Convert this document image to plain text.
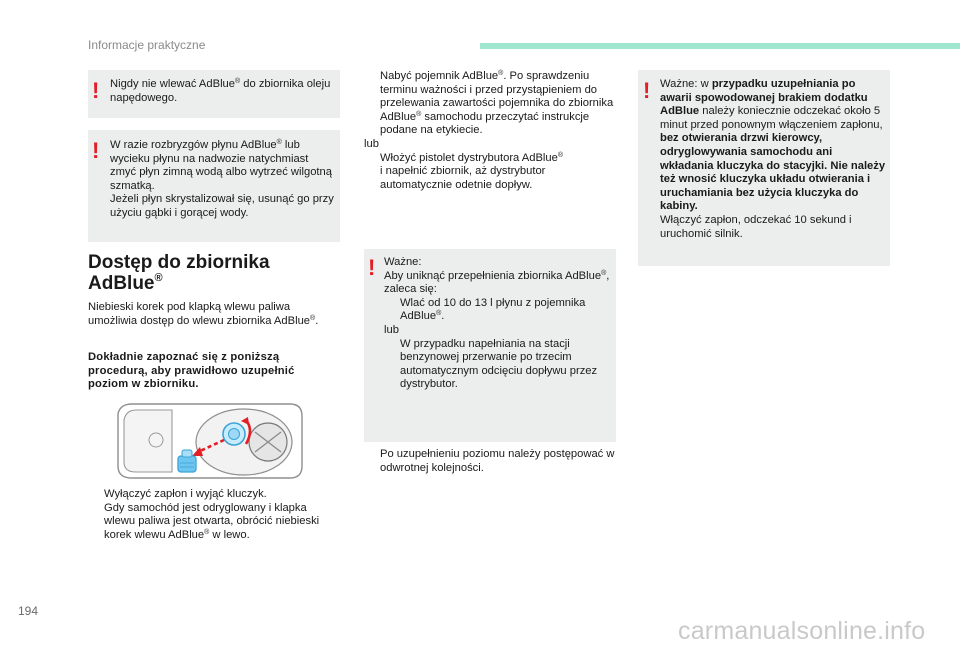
Informacje praktyczne
! Nigdy nie wlewać AdBlue® do zbiornika oleju napędowego.
! W razie rozbryzgów płynu AdBlue® lub wycieku płynu na nadwozie natychmiast zmyć płyn zimną wodą albo wytrzeć wilgotną szmatką.
Jeżeli płyn skrystalizował się, usunąć go przy użyciu gąbki i gorącej wody.
Dostęp do zbiornika
AdBlue®
Niebieski korek pod klapką wlewu paliwa umożliwia dostęp do wlewu zbiornika AdBlue®.
Dokładnie zapoznać się z poniższą procedurą, aby prawidłowo uzupełnić poziom w zbiorniku.
Wyłączyć zapłon i wyjąć kluczyk.
Gdy samochód jest odryglowany i klapka wlewu paliwa jest otwarta, obrócić niebieski korek wlewu AdBlue® w lewo.
Nabyć pojemnik AdBlue®. Po sprawdzeniu terminu ważności i przed przystąpieniem do przelewania zawartości pojemnika do zbiornika AdBlue® samochodu przeczytać instrukcje podane na etykiecie.
lub
Włożyć pistolet dystrybutora AdBlue®
i napełnić zbiornik, aż dystrybutor automatycznie odetnie dopływ.
! Ważne:
Aby uniknąć przepełnienia zbiornika AdBlue®, zaleca się:
Wlać od 10 do 13 l płynu z pojemnika AdBlue®.
lub
W przypadku napełniania na stacji benzynowej przerwanie po trzecim automatycznym odcięciu dopływu przez dystrybutor.
Po uzupełnieniu poziomu należy postępować w odwrotnej kolejności.
! Ważne: w przypadku uzupełniania po awarii spowodowanej brakiem dodatku AdBlue należy koniecznie odczekać około 5 minut przed ponownym włączeniem zapłonu, bez otwierania drzwi kierowcy, odryglowywania samochodu ani wkładania kluczyka do stacyjki. Nie należy też wnosić kluczyka układu otwierania i uruchamiania bez użycia kluczyka do kabiny.
Włączyć zapłon, odczekać 10 sekund i uruchomić silnik.
194
carmanualsonline.info
